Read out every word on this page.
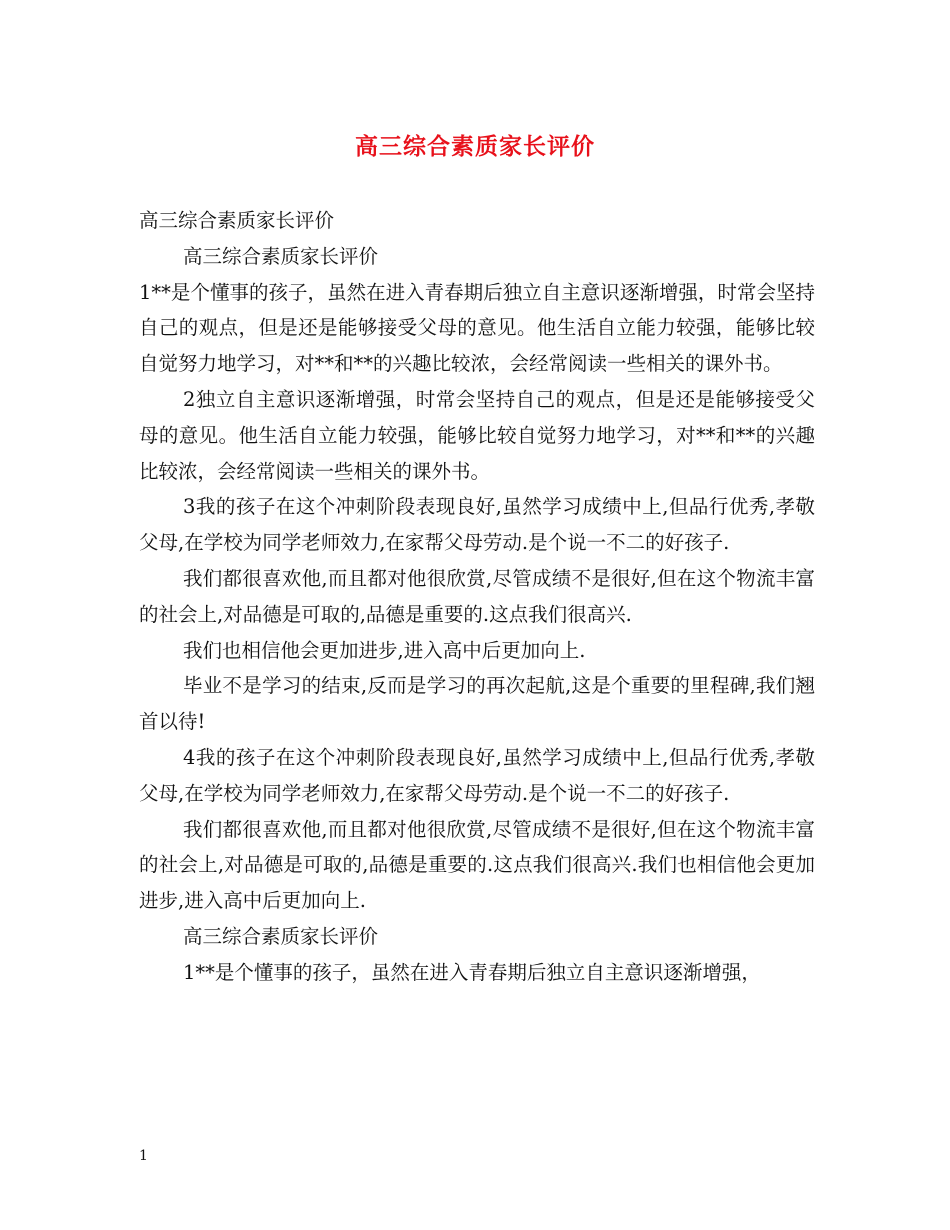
高三综合素质家长评价

高三综合素质家长评价

高三综合素质家长评价

1**是个懂事的孩子，虽然在进入青春期后独立自主意识逐渐增强，时常会坚持自己的观点，但是还是能够接受父母的意见。他生活自立能力较强，能够比较自觉努力地学习，对**和**的兴趣比较浓，会经常阅读一些相关的课外书。

2独立自主意识逐渐增强，时常会坚持自己的观点，但是还是能够接受父母的意见。他生活自立能力较强，能够比较自觉努力地学习，对**和**的兴趣比较浓，会经常阅读一些相关的课外书。

3我的孩子在这个冲刺阶段表现良好,虽然学习成绩中上,但品行优秀,孝敬父母,在学校为同学老师效力,在家帮父母劳动.是个说一不二的好孩子.

我们都很喜欢他,而且都对他很欣赏,尽管成绩不是很好,但在这个物流丰富的社会上,对品德是可取的,品德是重要的.这点我们很高兴.

我们也相信他会更加进步,进入高中后更加向上.

毕业不是学习的结束,反而是学习的再次起航,这是个重要的里程碑,我们翘首以待!

4我的孩子在这个冲刺阶段表现良好,虽然学习成绩中上,但品行优秀,孝敬父母,在学校为同学老师效力,在家帮父母劳动.是个说一不二的好孩子.

我们都很喜欢他,而且都对他很欣赏,尽管成绩不是很好,但在这个物流丰富的社会上,对品德是可取的,品德是重要的.这点我们很高兴.我们也相信他会更加进步,进入高中后更加向上.

高三综合素质家长评价

1**是个懂事的孩子，虽然在进入青春期后独立自主意识逐渐增强，

1
